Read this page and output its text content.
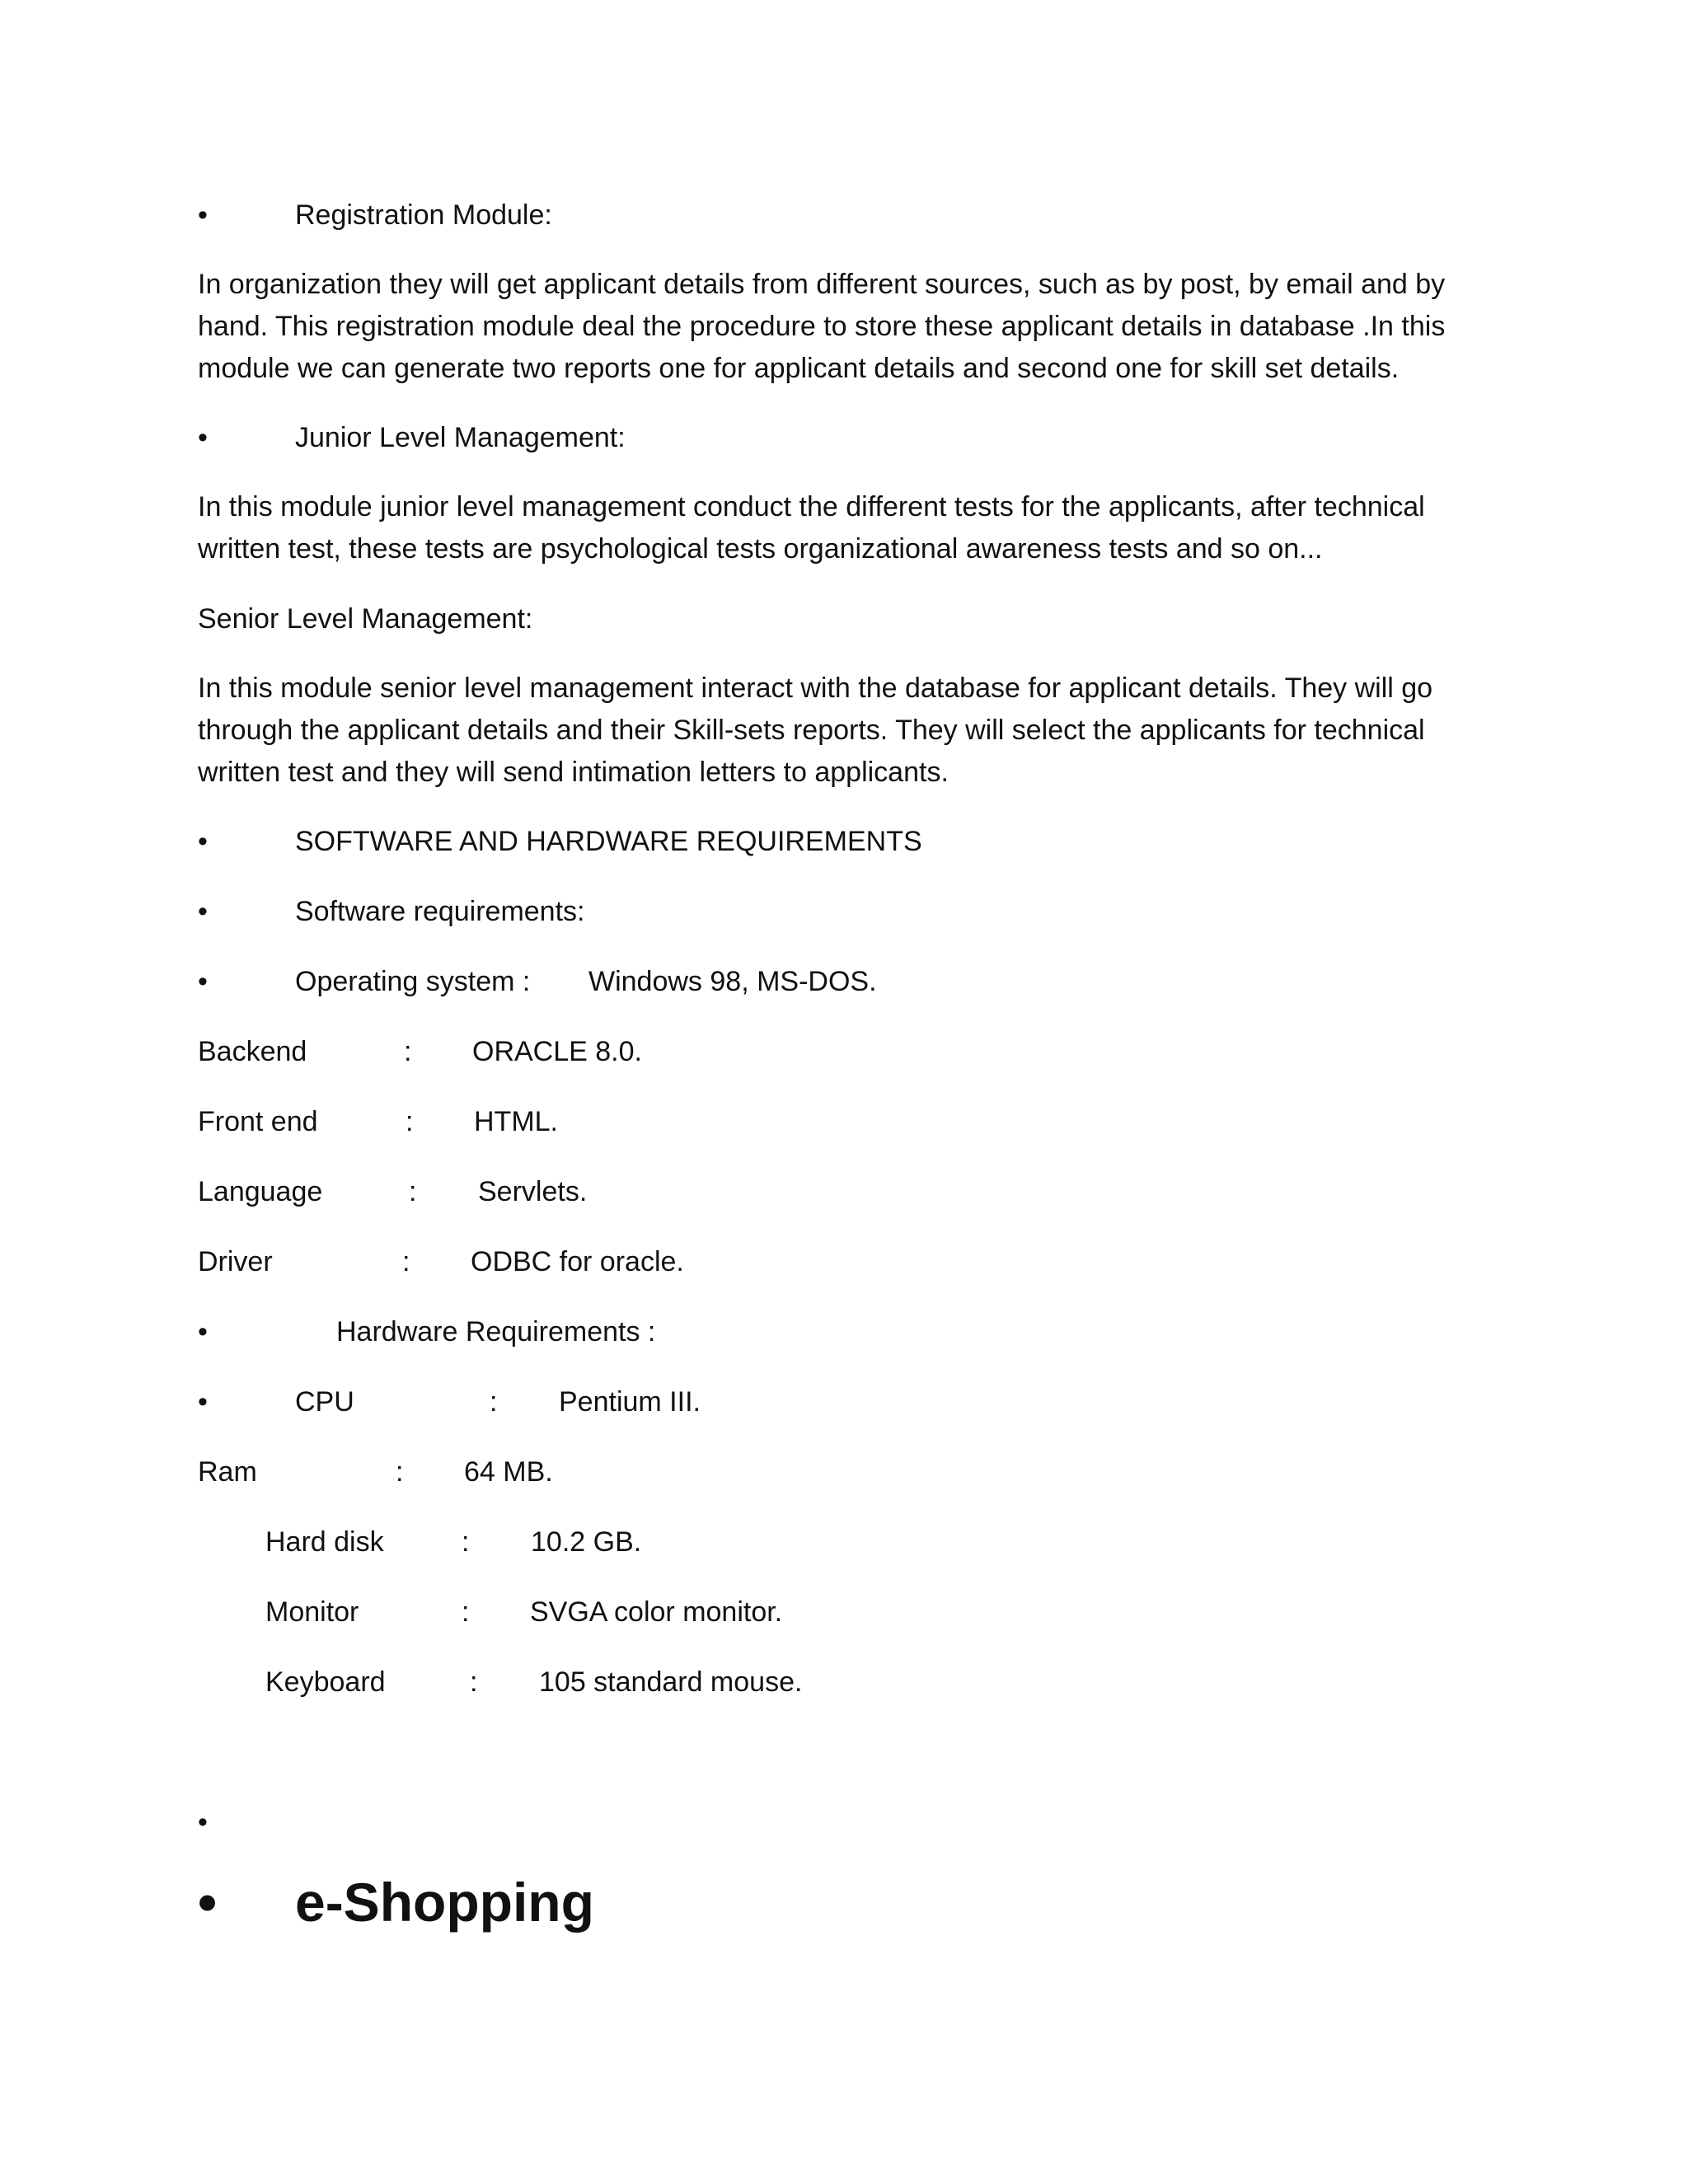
•	Registration Module:

In organization they will get applicant details from different sources, such as by post, by email and by
hand. This registration module deal the procedure to store these applicant details in database .In this
module we can generate two reports one for applicant details and second one for skill set details.

•	Junior Level Management:

In this module junior level management conduct the different tests for the applicants, after technical
written test, these tests are psychological tests organizational awareness tests and so on...

Senior Level Management:

In this module senior level management interact with the database for applicant details. They will go
through the applicant details and their Skill-sets reports. They will select the applicants for technical
written test and they will send intimation letters to applicants.

•	SOFTWARE AND HARDWARE REQUIREMENTS
•	Software requirements:
•	Operating system : Windows 98, MS-DOS.
Backend	: ORACLE 8.0.
Front end	: HTML.
Language	: Servlets.
Driver	: ODBC for oracle.
•	Hardware Requirements :
•	CPU	: Pentium III.
Ram	: 64 MB.
Hard disk	: 10.2 GB.
Monitor	: SVGA color monitor.
Keyboard	: 105 standard mouse.
•
• e-Shopping
